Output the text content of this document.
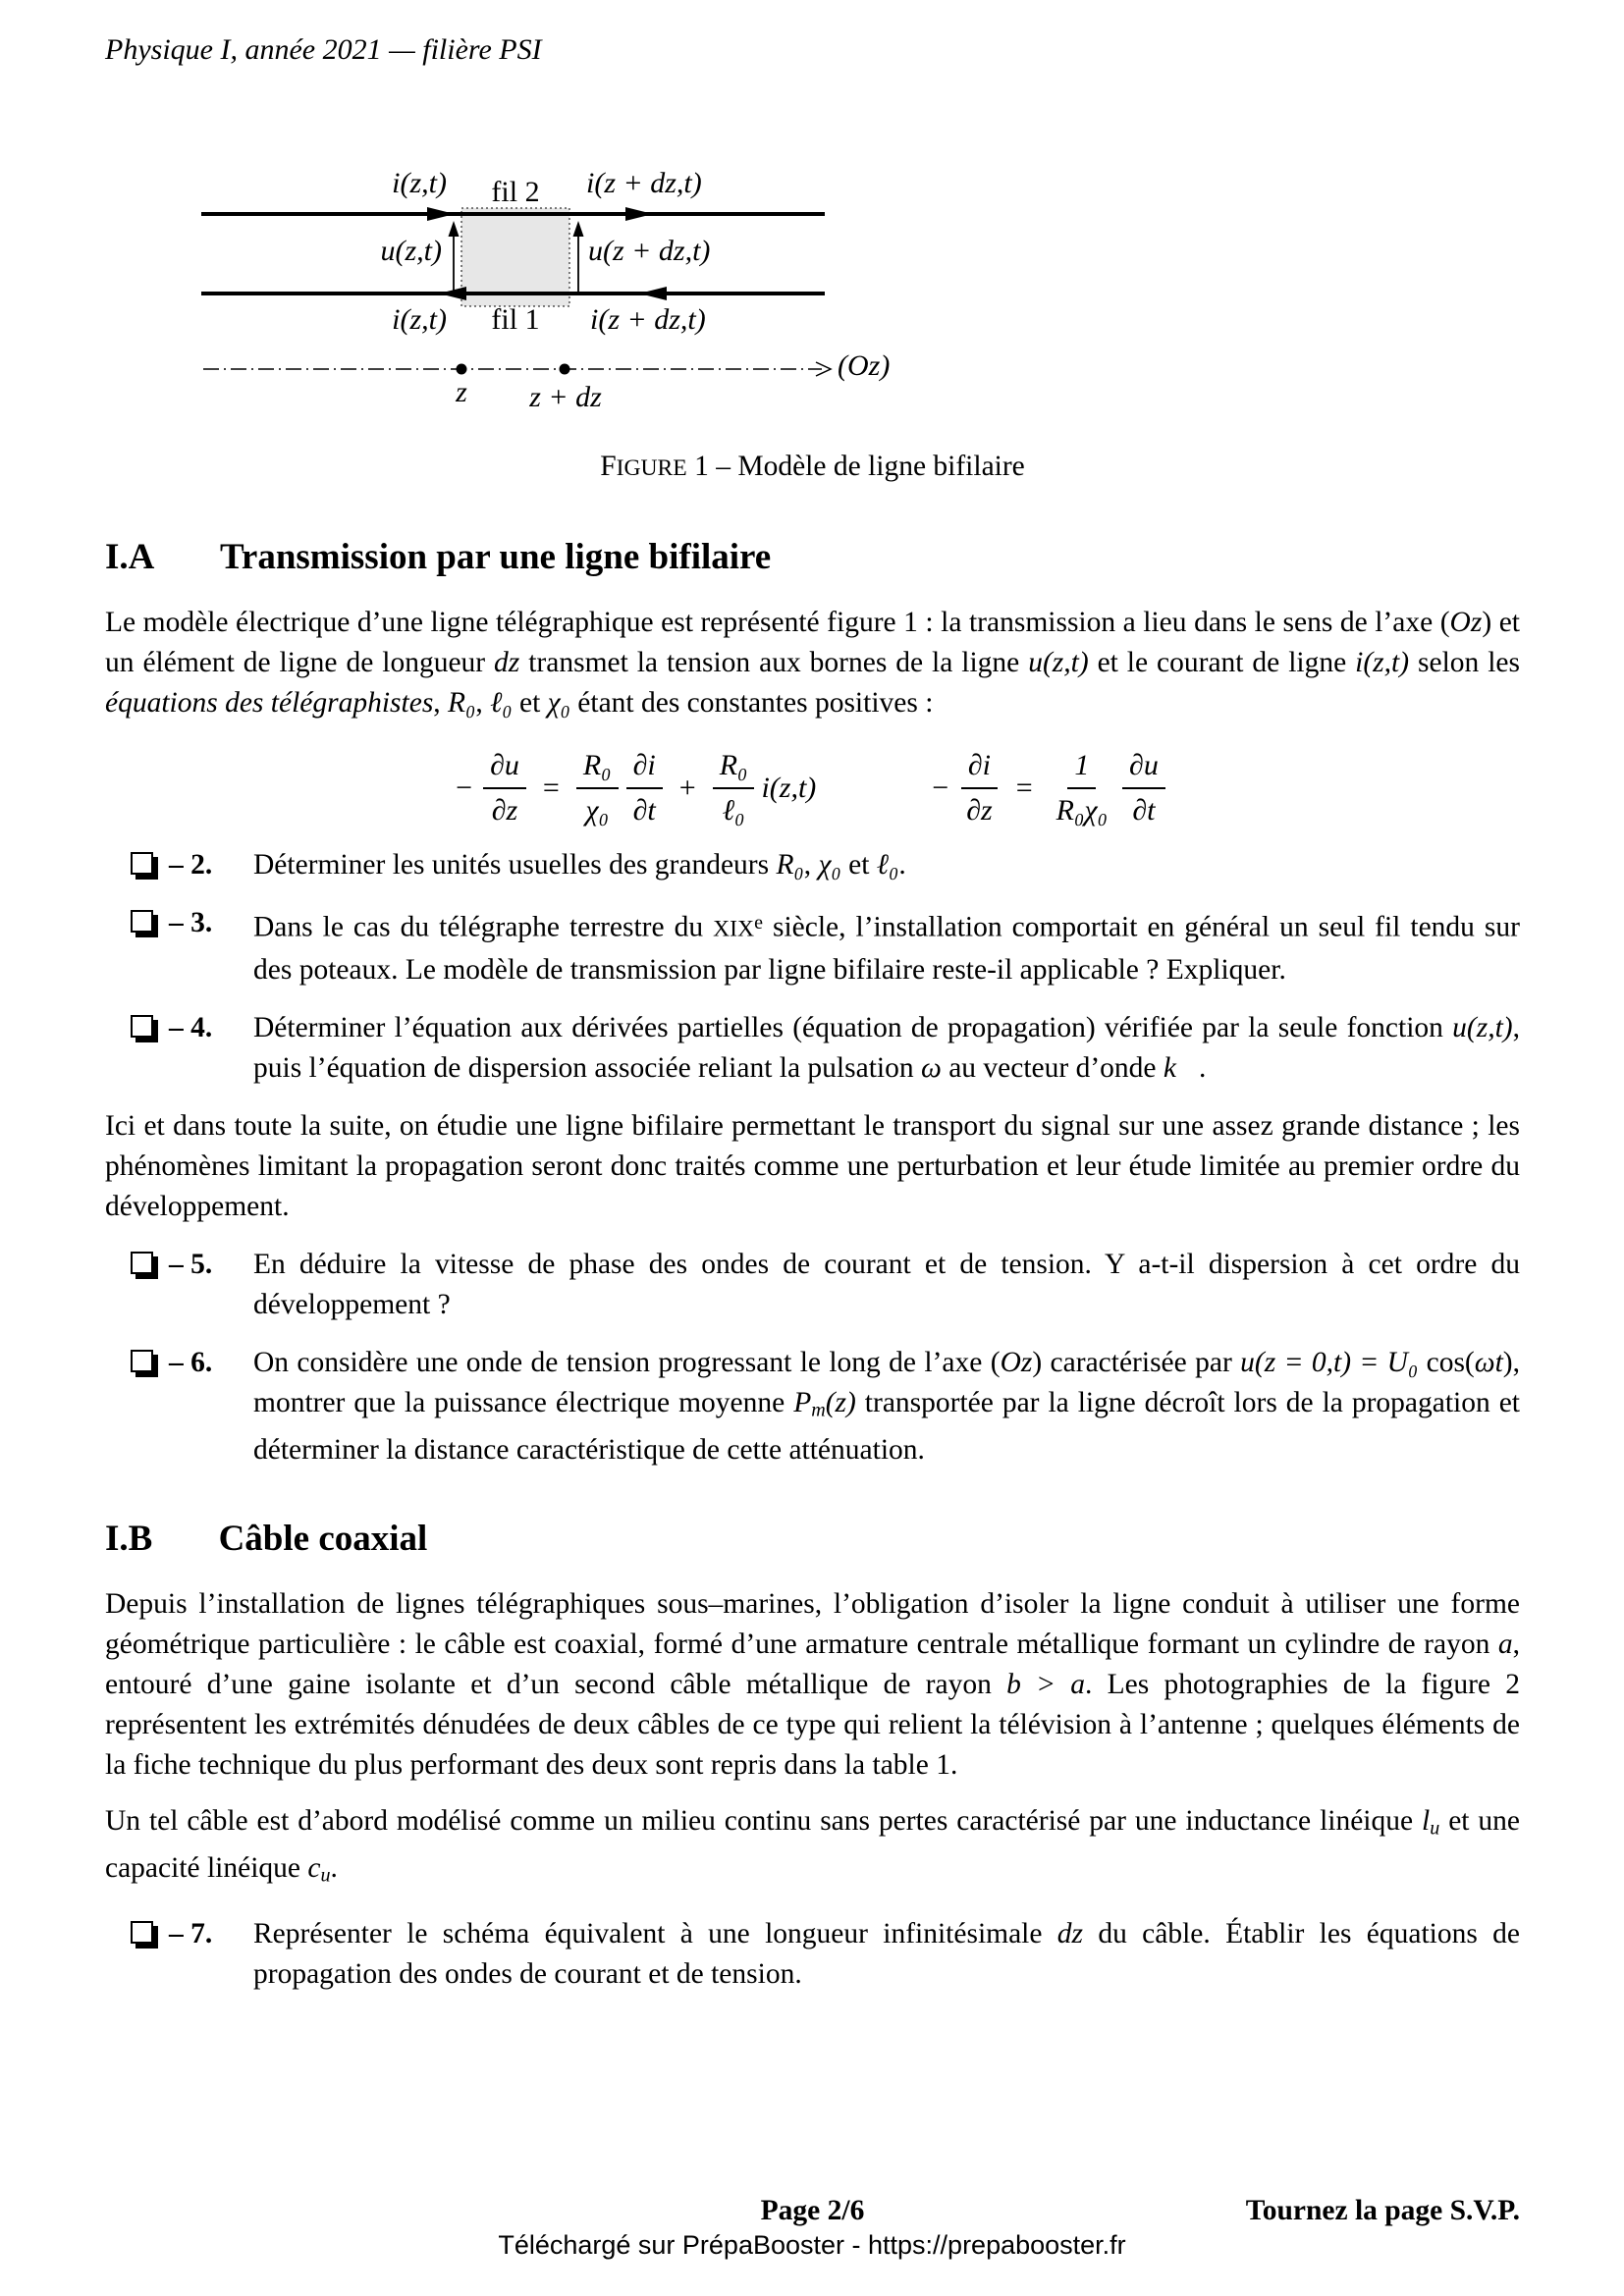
Physique I, année 2021 — filière PSI
i(z,t)	fil 2	i(z + dz,t)
u(z,t)	u(z + dz,t)
i(z,t)	fil 1	i(z + dz,t)
z	z + dz
(Oz)
FIGURE 1 – Modèle de ligne bifilaire
I.A Transmission par une ligne bifilaire

Le modèle électrique d’une ligne télégraphique est représenté figure 1 : la transmission a lieu dans le sens de l’axe (Oz) et un élément de ligne de longueur dz transmet la tension aux bornes de la ligne u(z,t) et le courant de ligne i(z,t) selon les équations des télégraphistes, R₀, ℓ₀ et χ₀ étant des constantes positives :

− $\frac{\partial u}{\partial z} = \frac{\text{R₀}}{\text{χ₀}} \frac{\partial i}{\partial t} + \frac{\text{R₀}}{\text{ℓ₀}} i(z,t)$	− $\frac{\partial i}{\partial z} = \frac{1}{\text{R₀χ₀}} \frac{\partial u}{\partial t}$
– 2. Déterminer les unités usuelles des grandeurs R₀, χ₀ et ℓ₀.
– 3. Dans le cas du télégraphe terrestre du XIXe siècle, l’installation comportait en général un seul fil tendu sur des poteaux. Le modèle de transmission par ligne bifilaire reste-il applicable ? Expliquer.
– 4. Déterminer l’équation aux dérivées partielles (équation de propagation) vérifiée par la seule fonction u(z,t), puis l’équation de dispersion associée reliant la pulsation ω au vecteur d’onde k⃗.

Ici et dans toute la suite, on étudie une ligne bifilaire permettant le transport du signal sur une assez grande distance ; les phénomènes limitant la propagation seront donc traités comme une perturbation et leur étude limitée au premier ordre du développement.

– 5. En déduire la vitesse de phase des ondes de courant et de tension. Y a-t-il dispersion à cet ordre du développement ?
– 6. On considère une onde de tension progressant le long de l’axe (Oz) caractérisée par u(z = 0,t) = U₀ cos(ωt), montrer que la puissance électrique moyenne Pm(z) transportée par la ligne décroît lors de la propagation et déterminer la distance caractéristique de cette atténuation.
I.B Câble coaxial

Depuis l’installation de lignes télégraphiques sous–marines, l’obligation d’isoler la ligne conduit à utiliser une forme géométrique particulière : le câble est coaxial, formé d’une armature centrale métallique formant un cylindre de rayon a, entouré d’une gaine isolante et d’un second câble métallique de rayon b > a. Les photographies de la figure 2 représentent les extrémités dénudées de deux câbles de ce type qui relient la télévision à l’antenne ; quelques éléments de la fiche technique du plus performant des deux sont repris dans la table 1.

Un tel câble est d’abord modélisé comme un milieu continu sans pertes caractérisé par une inductance linéique lu et une capacité linéique cu.

– 7. Représenter le schéma équivalent à une longueur infinitésimale dz du câble. Établir les équations de propagation des ondes de courant et de tension.
Page 2/6	Tournez la page S.V.P.
Téléchargé sur PrépaBooster - https://prepabooster.fr
